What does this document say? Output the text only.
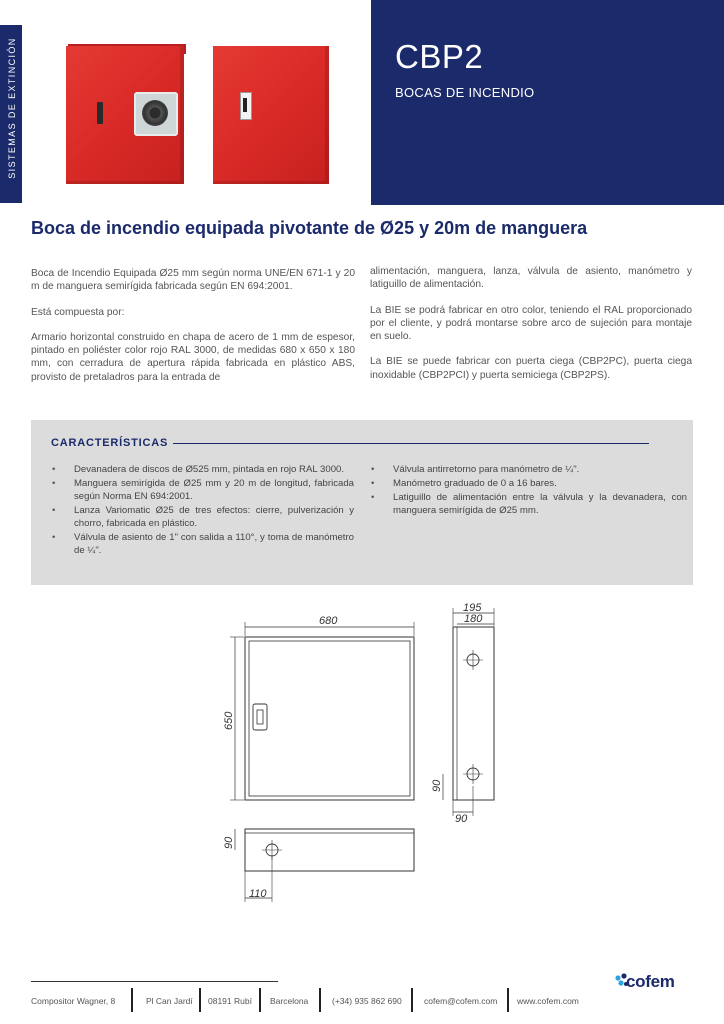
SISTEMAS DE EXTINCIÓN	CBP2
BOCAS DE INCENDIO
Boca de incendio equipada pivotante de Ø25 y 20m de manguera

Boca de Incendio Equipada Ø25 mm según norma UNE/EN 671-1 y 20 m de manguera semirígida fabricada según EN 694:2001.

Está compuesta por:

Armario horizontal construido en chapa de acero de 1 mm de espesor, pintado en poliéster color rojo RAL 3000, de medidas 680 x 650 x 180 mm, con cerradura de apertura rápida fabricada en plástico ABS, provisto de pretaladros para la entrada de

alimentación, manguera, lanza, válvula de asiento, manómetro y latiguillo de alimentación.

La BIE se podrá fabricar en otro color, teniendo el RAL proporcionado por el cliente, y podrá montarse sobre arco de sujeción para montaje en suelo.

La BIE se puede fabricar con puerta ciega (CBP2PC), puerta ciega inoxidable (CBP2PCI) y puerta semiciega (CBP2PS).

CARACTERÍSTICAS
• Devanadera de discos de Ø525 mm, pintada en rojo RAL 3000.
• Manguera semirígida de Ø25 mm y 20 m de longitud, fabricada según Norma EN 694:2001.
• Lanza Variomatic Ø25 de tres efectos: cierre, pulverización y chorro, fabricada en plástico.
• Válvula de asiento de 1" con salida a 110°, y toma de manómetro de ¼".
• Válvula antirretorno para manómetro de ¼".
• Manómetro graduado de 0 a 16 bares.
• Latiguillo de alimentación entre la válvula y la devanadera, con manguera semirígida de Ø25 mm.
680
650
195
180
90
90
90
110
Compositor Wagner, 8	Pl Can Jardí 08191 Rubí Barcelona	(+34) 935 862 690	cofem@cofem.com www.cofem.com
cofem
